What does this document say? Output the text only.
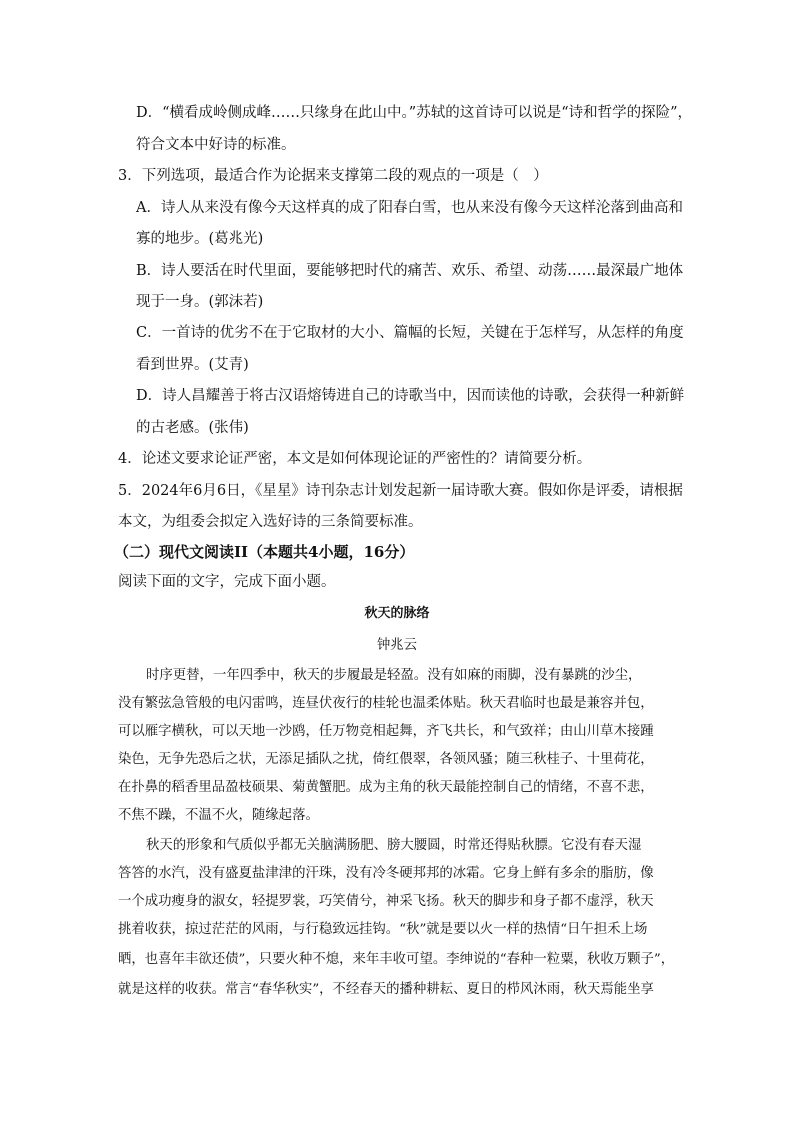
D．“横看成岭侧成峰……只缘身在此山中。”苏轼的这首诗可以说是“诗和哲学的探险”，
符合文本中好诗的标准。
3．下列选项，最适合作为论据来支撑第二段的观点的一项是（　）
A．诗人从来没有像今天这样真的成了阳春白雪，也从来没有像今天这样沦落到曲高和
寡的地步。(葛兆光)
B．诗人要活在时代里面，要能够把时代的痛苦、欢乐、希望、动荡……最深最广地体
现于一身。(郭沫若)
C．一首诗的优劣不在于它取材的大小、篇幅的长短，关键在于怎样写，从怎样的角度
看到世界。(艾青)
D．诗人昌耀善于将古汉语熔铸进自己的诗歌当中，因而读他的诗歌，会获得一种新鲜
的古老感。(张伟)
4．论述文要求论证严密，本文是如何体现论证的严密性的？请简要分析。
5．2024年6月6日，《星星》诗刊杂志计划发起新一届诗歌大赛。假如你是评委，请根据
本文，为组委会拟定入选好诗的三条简要标准。
（二）现代文阅读II（本题共4小题，16分）
阅读下面的文字，完成下面小题。
秋天的脉络
钟兆云
时序更替，一年四季中，秋天的步履最是轻盈。没有如麻的雨脚，没有暴跳的沙尘，
没有繁弦急管般的电闪雷鸣，连昼伏夜行的桂轮也温柔体贴。秋天君临时也最是兼容并包，
可以雁字横秋，可以天地一沙鸥，任万物竞相起舞，齐飞共长，和气致祥；由山川草木接踵
染色，无争先恐后之状，无添足插队之扰，倚红偎翠，各领风骚；随三秋桂子、十里荷花，
在扑鼻的稻香里品盈枝硕果、菊黄蟹肥。成为主角的秋天最能控制自己的情绪，不喜不悲，
不焦不躁，不温不火，随缘起落。
秋天的形象和气质似乎都无关脑满肠肥、膀大腰圆，时常还得贴秋膘。它没有春天湿
答答的水汽，没有盛夏盐津津的汗珠，没有冷冬硬邦邦的冰霜。它身上鲜有多余的脂肪，像
一个成功瘦身的淑女，轻提罗裳，巧笑倩兮，神采飞扬。秋天的脚步和身子都不虚浮，秋天
挑着收获，掠过茫茫的风雨，与行稳致远挂钩。“秋”就是要以火一样的热情“日午担禾上场
晒，也喜年丰欲还债”，只要火种不熄，来年丰收可望。李绅说的“春种一粒粟，秋收万颗子”，
就是这样的收获。常言“春华秋实”，不经春天的播种耕耘、夏日的栉风沐雨，秋天焉能坐享
